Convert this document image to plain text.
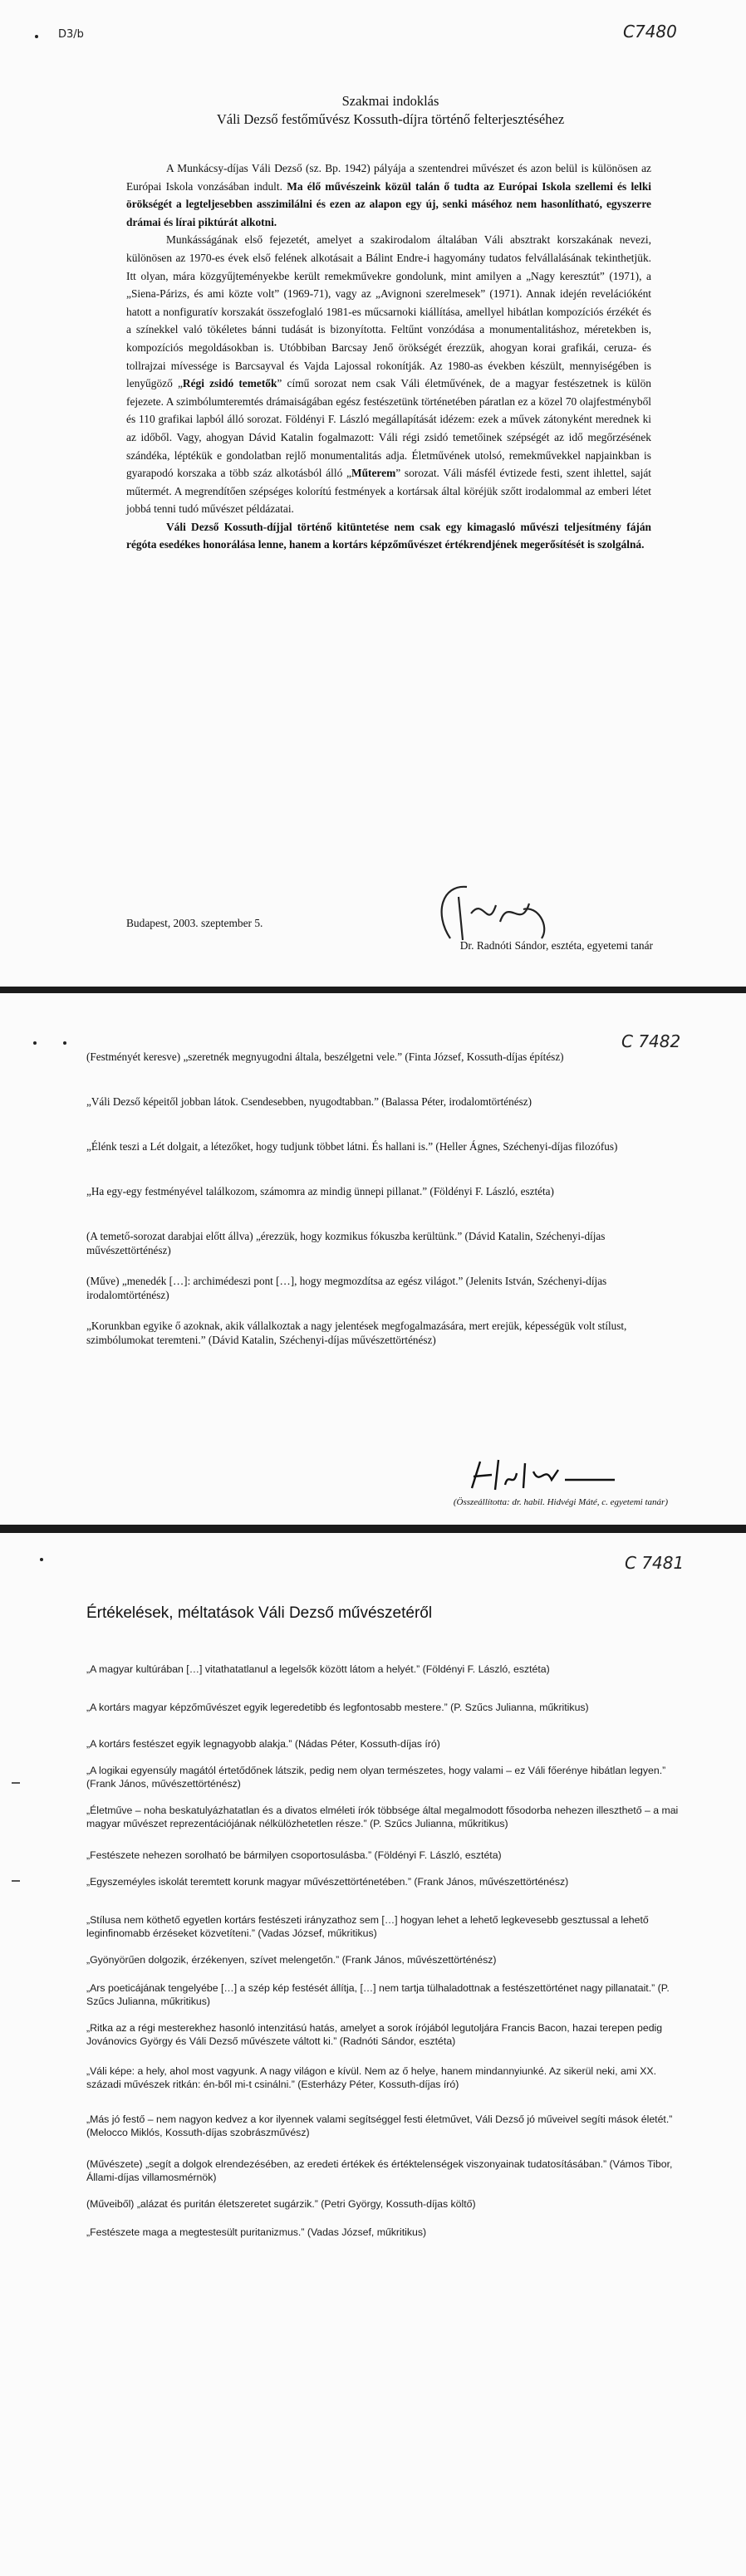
D3/b	C7480
Szakmai indoklás
Váli Dezső festőművész Kossuth-díjra történő felterjesztéséhez

A Munkácsy-díjas Váli Dezső (sz. Bp. 1942) pályája a szentendrei művészet és azon belül is különösen az Európai Iskola vonzásában indult. Ma élő művészeink közül talán ő tudta az Európai Iskola szellemi és lelki örökségét a legteljesebben asszimilálni és ezen az alapon egy új, senki máséhoz nem hasonlítható, egyszerre drámai és lírai piktúrát alkotni.

Munkásságának első fejezetét, amelyet a szakirodalom általában Váli absztrakt korszakának nevezi, különösen az 1970-es évek első felének alkotásait a Bálint Endre-i hagyomány tudatos felvállalásának tekinthetjük. Itt olyan, mára közgyűjteményekbe került remekművekre gondolunk, mint amilyen a „Nagy keresztút” (1971), a „Siena-Párizs, és ami közte volt” (1969-71), vagy az „Avignoni szerelmesek” (1971). Annak idején revelációként hatott a nonfiguratív korszakát összefoglaló 1981-es műcsarnoki kiállítása, amellyel hibátlan kompozíciós érzékét és a színekkel való tökéletes bánni tudását is bizonyította. Feltűnt vonzódása a monumentalitáshoz, méretekben is, kompozíciós megoldásokban is. Utóbbiban Barcsay Jenő örökségét érezzük, ahogyan korai grafikái, ceruza- és tollrajzai mívessége is Barcsayval és Vajda Lajossal rokonítják. Az 1980-as években készült, mennyiségében is lenyűgöző „Régi zsidó temetők” című sorozat nem csak Váli életművének, de a magyar festészetnek is külön fejezete. A szimbólumteremtés drámaiságában egész festészetünk történetében páratlan ez a közel 70 olajfestményből és 110 grafikai lapból álló sorozat. Földényi F. László megállapítását idézem: ezek a művek zátonyként merednek ki az időből. Vagy, ahogyan Dávid Katalin fogalmazott: Váli régi zsidó temetőinek szépségét az idő megőrzésének szándéka, léptékük e gondolatban rejlő monumentalitás adja. Életművének utolsó, remekművekkel napjainkban is gyarapodó korszaka a több száz alkotásból álló „Műterem” sorozat. Váli másfél évtizede festi, szent ihlettel, saját műtermét. A megrendítően szépséges kolorítú festmények a kortársak által köréjük szőtt irodalommal az emberi létet jobbá tenni tudó művészet példázatai.

Váli Dezső Kossuth-díjjal történő kitüntetése nem csak egy kimagasló művészi teljesítmény fáján régóta esedékes honorálása lenne, hanem a kortárs képzőművészet értékrendjének megerősítését is szolgálná.

Budapest, 2003. szeptember 5.
Dr. Radnóti Sándor, esztéta, egyetemi tanár
C 7482

(Festményét keresve) „szeretnék megnyugodni általa, beszélgetni vele.” (Finta József, Kossuth-díjas építész)

„Váli Dezső képeitől jobban látok. Csendesebben, nyugodtabban.” (Balassa Péter, irodalomtörténész)

„Élénk teszi a Lét dolgait, a létezőket, hogy tudjunk többet látni. És hallani is.” (Heller Ágnes, Széchenyi-díjas filozófus)

„Ha egy-egy festményével találkozom, számomra az mindig ünnepi pillanat.” (Földényi F. László, esztéta)

(A temető-sorozat darabjai előtt állva) „érezzük, hogy kozmikus fókuszba kerültünk.” (Dávid Katalin, Széchenyi-díjas művészettörténész)

(Műve) „menedék […]: archimédeszi pont […], hogy megmozdítsa az egész világot.” (Jelenits István, Széchenyi-díjas irodalomtörténész)

„Korunkban egyike ő azoknak, akik vállalkoztak a nagy jelentések megfogalmazására, mert erejük, képességük volt stílust, szimbólumokat teremteni.” (Dávid Katalin, Széchenyi-díjas művészettörténész)

(Összeállította: dr. habil. Hidvégi Máté, c. egyetemi tanár)
C 7481
Értékelések, méltatások Váli Dezső művészetéről

„A magyar kultúrában […] vitathatatlanul a legelsők között látom a helyét.” (Földényi F. László, esztéta)

„A kortárs magyar képzőművészet egyik legeredetibb és legfontosabb mestere.” (P. Szűcs Julianna, műkritikus)

„A kortárs festészet egyik legnagyobb alakja.” (Nádas Péter, Kossuth-díjas író)

„A logikai egyensúly magától értetődőnek látszik, pedig nem olyan természetes, hogy valami – ez Váli főerénye hibátlan legyen.” (Frank János, művészettörténész)

„Életműve – noha beskatulyázhatatlan és a divatos elméleti írók többsége által megalmodott fősodorba nehezen illeszthető – a mai magyar művészet reprezentációjának nélkülözhetetlen része.” (P. Szűcs Julianna, műkritikus)

„Festészete nehezen sorolható be bármilyen csoportosulásba.” (Földényi F. László, esztéta)

„Egyszeméyles iskolát teremtett korunk magyar művészettörténetében.” (Frank János, művészettörténész)

„Stílusa nem köthető egyetlen kortárs festészeti irányzathoz sem […] hogyan lehet a lehető legkevesebb gesztussal a lehető leginfinomabb érzéseket közvetíteni.” (Vadas József, műkritikus)

„Gyönyörűen dolgozik, érzékenyen, szívet melengetőn.” (Frank János, művészettörténész)

„Ars poeticájának tengelyébe […] a szép kép festését állítja, […] nem tartja tülhaladottnak a festészettörténet nagy pillanatait.” (P. Szűcs Julianna, műkritikus)

„Ritka az a régi mesterekhez hasonló intenzitású hatás, amelyet a sorok írójából legutoljára Francis Bacon, hazai terepen pedig Jovánovics György és Váli Dezső művészete váltott ki.” (Radnóti Sándor, esztéta)

„Váli képe: a hely, ahol most vagyunk. A nagy világon e kívül. Nem az ő helye, hanem mindannyiunké. Az sikerül neki, ami XX. századi művészek ritkán: én-ből mi-t csinálni.” (Esterházy Péter, Kossuth-díjas író)

„Más jó festő – nem nagyon kedvez a kor ilyennek valami segítséggel festi életművet, Váli Dezső jó műveivel segíti mások életét.” (Melocco Miklós, Kossuth-díjas szobrászművész)

(Művészete) „segít a dolgok elrendezésében, az eredeti értékek és értéktelenségek viszonyainak tudatosításában.” (Vámos Tibor, Állami-díjas villamosmérnök)

(Műveiből) „alázat és puritán életszeretet sugárzik.” (Petri György, Kossuth-díjas költő)

„Festészete maga a megtestesült puritanizmus.” (Vadas József, műkritikus)
